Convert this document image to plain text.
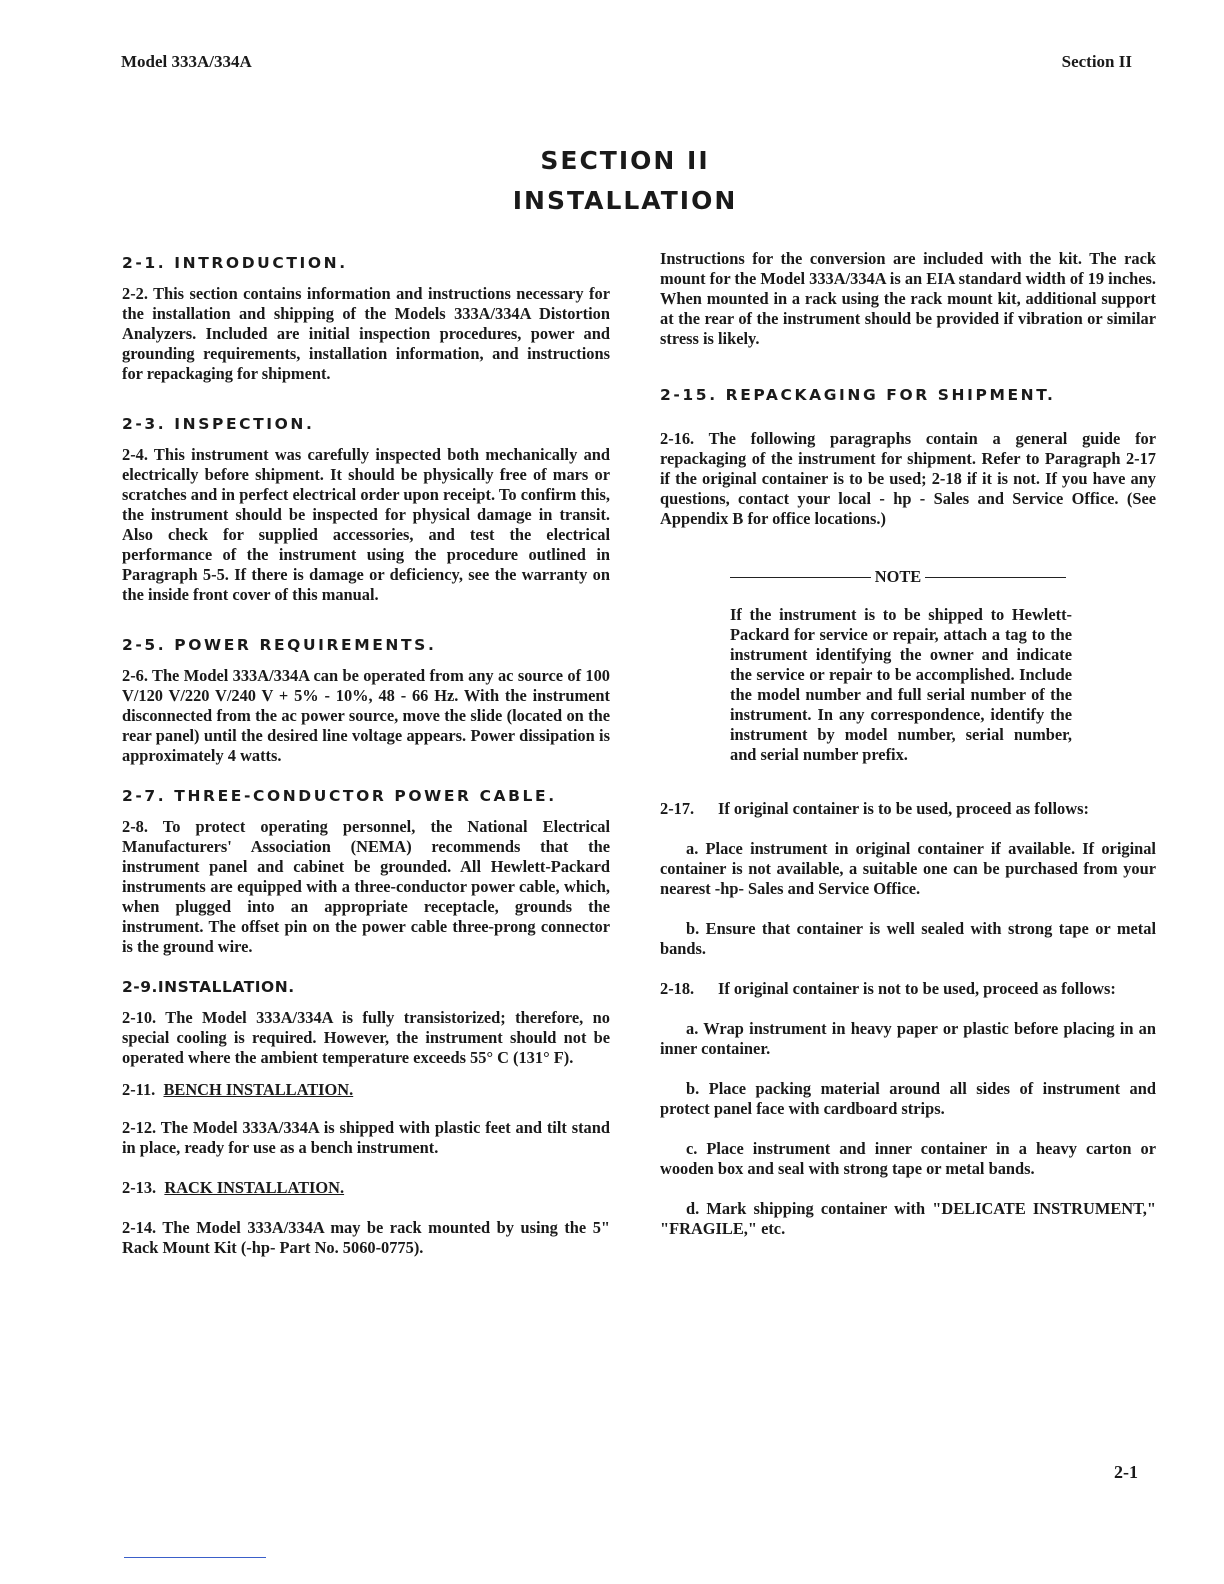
Model 333A/334A	Section II
SECTION II
INSTALLATION
2-1. INTRODUCTION.

2-2. This section contains information and instructions necessary for the installation and shipping of the Models 333A/334A Distortion Analyzers. Included are initial inspection procedures, power and grounding requirements, installation information, and instructions for repackaging for shipment.

2-3. INSPECTION.

2-4. This instrument was carefully inspected both mechanically and electrically before shipment. It should be physically free of mars or scratches and in perfect electrical order upon receipt. To confirm this, the instrument should be inspected for physical damage in transit. Also check for supplied accessories, and test the electrical performance of the instrument using the procedure outlined in Paragraph 5-5. If there is damage or deficiency, see the warranty on the inside front cover of this manual.

2-5. POWER REQUIREMENTS.

2-6. The Model 333A/334A can be operated from any ac source of 100 V/120 V/220 V/240 V + 5% - 10%, 48 - 66 Hz. With the instrument disconnected from the ac power source, move the slide (located on the rear panel) until the desired line voltage appears. Power dissipation is approximately 4 watts.

2-7. THREE-CONDUCTOR POWER CABLE.

2-8. To protect operating personnel, the National Electrical Manufacturers' Association (NEMA) recommends that the instrument panel and cabinet be grounded. All Hewlett-Packard instruments are equipped with a three-conductor power cable, which, when plugged into an appropriate receptacle, grounds the instrument. The offset pin on the power cable three-prong connector is the ground wire.

2-9.INSTALLATION.

2-10. The Model 333A/334A is fully transistorized; therefore, no special cooling is required. However, the instrument should not be operated where the ambient temperature exceeds 55° C (131° F).

2-11. BENCH INSTALLATION.

2-12. The Model 333A/334A is shipped with plastic feet and tilt stand in place, ready for use as a bench instrument.

2-13. RACK INSTALLATION.

2-14. The Model 333A/334A may be rack mounted by using the 5" Rack Mount Kit (-hp- Part No. 5060-0775).

Instructions for the conversion are included with the kit. The rack mount for the Model 333A/334A is an EIA standard width of 19 inches. When mounted in a rack using the rack mount kit, additional support at the rear of the instrument should be provided if vibration or similar stress is likely.

2-15. REPACKAGING FOR SHIPMENT.

2-16. The following paragraphs contain a general guide for repackaging of the instrument for shipment. Refer to Paragraph 2-17 if the original container is to be used; 2-18 if it is not. If you have any questions, contact your local - hp - Sales and Service Office. (See Appendix B for office locations.)

NOTE

If the instrument is to be shipped to Hewlett-Packard for service or repair, attach a tag to the instrument identifying the owner and indicate the service or repair to be accomplished. Include the model number and full serial number of the instrument. In any correspondence, identify the instrument by model number, serial number, and serial number prefix.

2-17.	If original container is to be used, proceed as follows:

a. Place instrument in original container if available. If original container is not available, a suitable one can be purchased from your nearest -hp- Sales and Service Office.

b. Ensure that container is well sealed with strong tape or metal bands.

2-18.	If original container is not to be used, proceed as follows:

a. Wrap instrument in heavy paper or plastic before placing in an inner container.

b. Place packing material around all sides of instrument and protect panel face with cardboard strips.

c. Place instrument and inner container in a heavy carton or wooden box and seal with strong tape or metal bands.

d. Mark shipping container with "DELICATE INSTRUMENT," "FRAGILE," etc.

2-1
